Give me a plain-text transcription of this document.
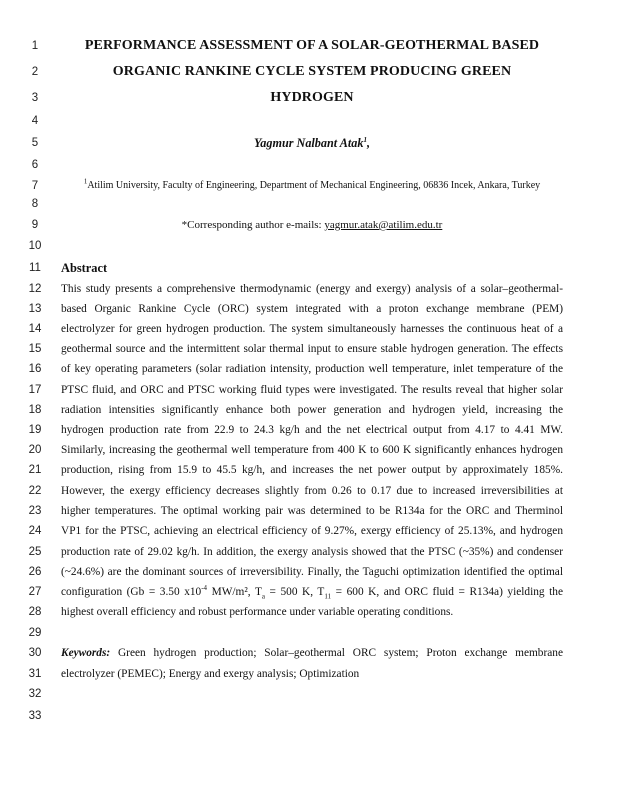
1
2
3
4
5
6
7
8
9
10
11
12
13
14
15
16
17
18
19
20
21
22
23
24
25
26
27
28
29
30
31
32
33
PERFORMANCE ASSESSMENT OF A SOLAR-GEOTHERMAL BASED
ORGANIC RANKINE CYCLE SYSTEM PRODUCING GREEN
HYDROGEN
Yagmur Nalbant Atak$^1$,
$^1$Atilim University, Faculty of Engineering, Department of Mechanical Engineering, 06836 Incek, Ankara, Turkey
*Corresponding author e-mails: yagmur.atak@atilim.edu.tr
Abstract
This study presents a comprehensive thermodynamic (energy and exergy) analysis of a solar–geothermal-
based Organic Rankine Cycle (ORC) system integrated with a proton exchange membrane (PEM)
electrolyzer for green hydrogen production. The system simultaneously harnesses the continuous heat of a
geothermal source and the intermittent solar thermal input to ensure stable hydrogen generation. The effects
of key operating parameters (solar radiation intensity, production well temperature, inlet temperature of the
PTSC fluid, and ORC and PTSC working fluid types were investigated. The results reveal that higher solar
radiation intensities significantly enhance both power generation and hydrogen yield, increasing the
hydrogen production rate from 22.9 to 24.3 kg/h and the net electrical output from 4.17 to 4.41 MW.
Similarly, increasing the geothermal well temperature from 400 K to 600 K significantly enhances hydrogen
production, rising from 15.9 to 45.5 kg/h, and increases the net power output by approximately 185%.
However, the exergy efficiency decreases slightly from 0.26 to 0.17 due to increased irreversibilities at
higher temperatures. The optimal working pair was determined to be R134a for the ORC and Therminol
VP1 for the PTSC, achieving an electrical efficiency of 9.27%, exergy efficiency of 25.13%, and hydrogen
production rate of 29.02 kg/h. In addition, the exergy analysis showed that the PTSC (~35%) and condenser
(~24.6%) are the dominant sources of irreversibility. Finally, the Taguchi optimization identified the optimal
configuration (Gb = 3.50 $x10^{-4}$ MW/m², $T_a = 500$ K, $T_{11} = 600$ K, and ORC fluid = R134a) yielding the
highest overall efficiency and robust performance under variable operating conditions.
Keywords: Green hydrogen production; Solar–geothermal ORC system; Proton exchange membrane
electrolyzer (PEMEC); Energy and exergy analysis; Optimization
